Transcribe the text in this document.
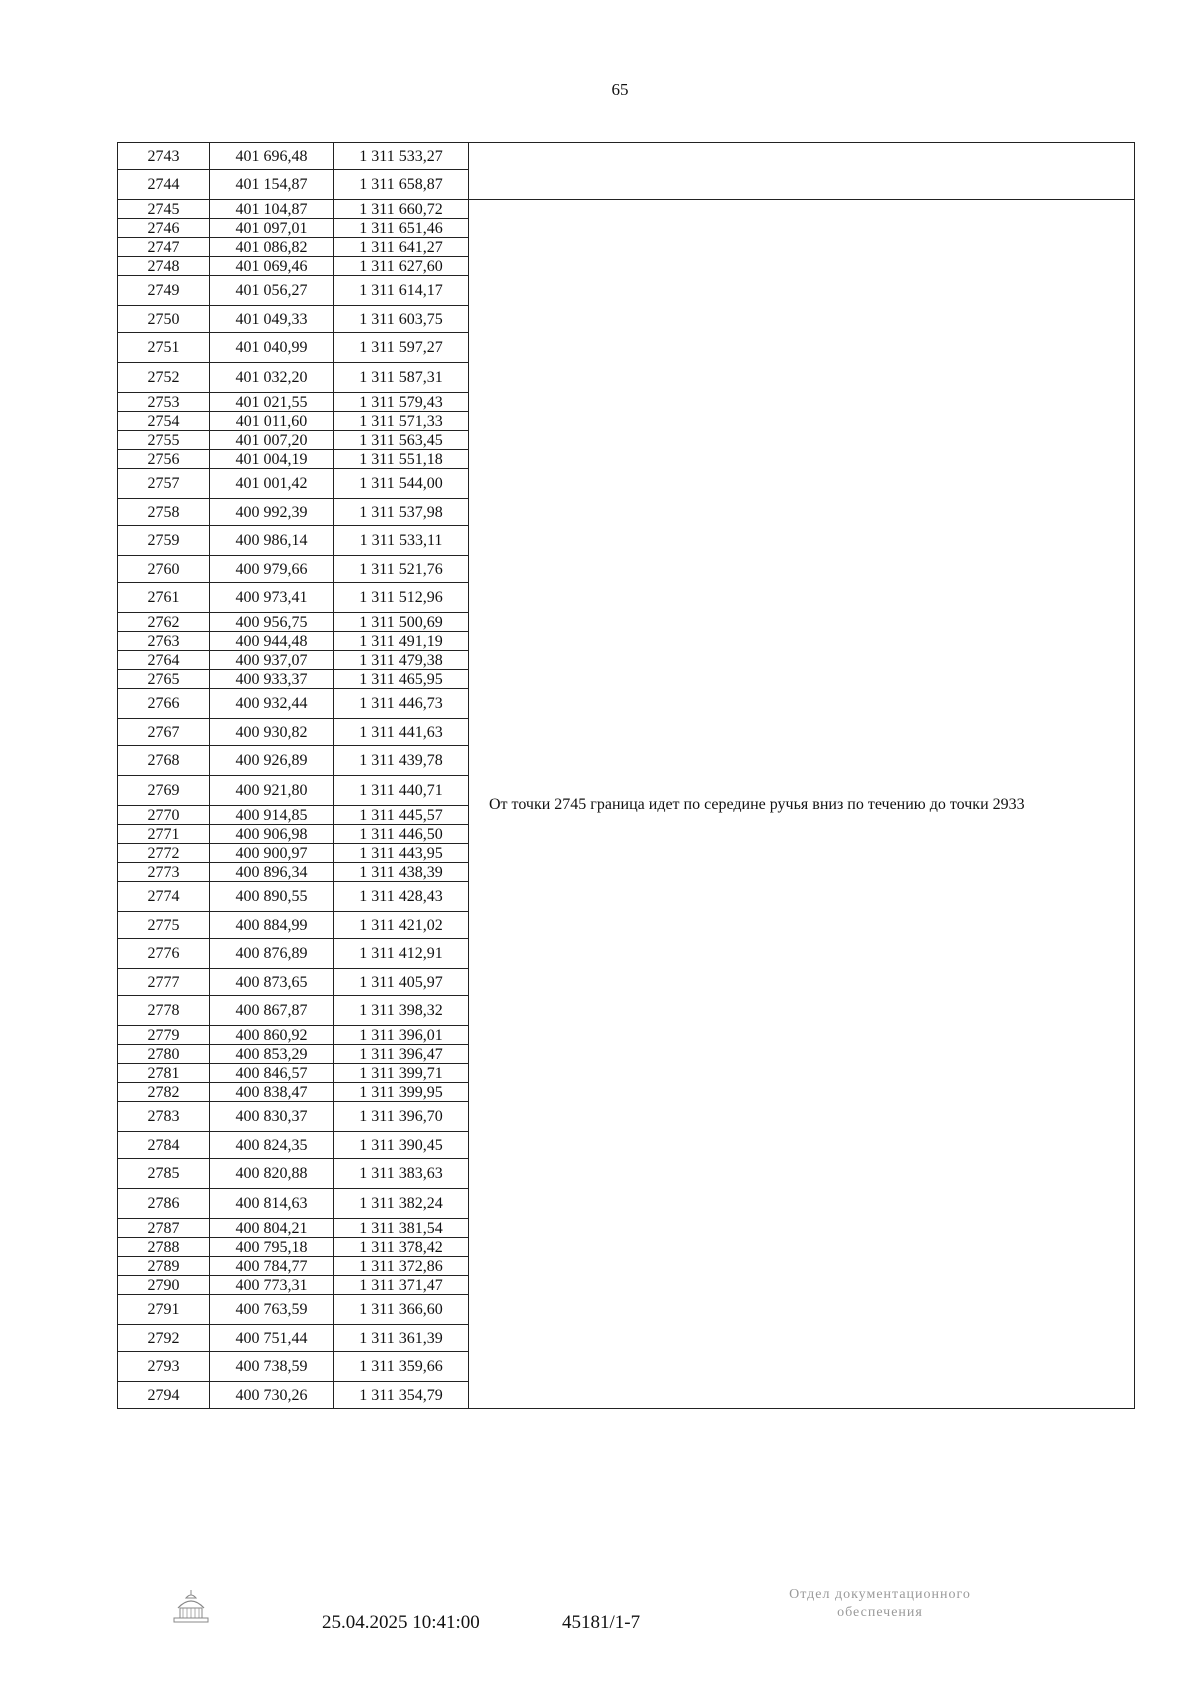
65
2743	401 696,48	1 311 533,27	
2744	401 154,87	1 311 658,87	
2745	401 104,87	1 311 660,72	От точки 2745 граница идет по середине ручья вниз по течению до точки 2933
2746	401 097,01	1 311 651,46	
2747	401 086,82	1 311 641,27	
2748	401 069,46	1 311 627,60	
2749	401 056,27	1 311 614,17	
2750	401 049,33	1 311 603,75	
2751	401 040,99	1 311 597,27	
2752	401 032,20	1 311 587,31	
2753	401 021,55	1 311 579,43	
2754	401 011,60	1 311 571,33	
2755	401 007,20	1 311 563,45	
2756	401 004,19	1 311 551,18	
2757	401 001,42	1 311 544,00	
2758	400 992,39	1 311 537,98	
2759	400 986,14	1 311 533,11	
2760	400 979,66	1 311 521,76	
2761	400 973,41	1 311 512,96	
2762	400 956,75	1 311 500,69	
2763	400 944,48	1 311 491,19	
2764	400 937,07	1 311 479,38	
2765	400 933,37	1 311 465,95	
2766	400 932,44	1 311 446,73	
2767	400 930,82	1 311 441,63	
2768	400 926,89	1 311 439,78	
2769	400 921,80	1 311 440,71	
2770	400 914,85	1 311 445,57	
2771	400 906,98	1 311 446,50	
2772	400 900,97	1 311 443,95	
2773	400 896,34	1 311 438,39	
2774	400 890,55	1 311 428,43	
2775	400 884,99	1 311 421,02	
2776	400 876,89	1 311 412,91	
2777	400 873,65	1 311 405,97	
2778	400 867,87	1 311 398,32	
2779	400 860,92	1 311 396,01	
2780	400 853,29	1 311 396,47	
2781	400 846,57	1 311 399,71	
2782	400 838,47	1 311 399,95	
2783	400 830,37	1 311 396,70	
2784	400 824,35	1 311 390,45	
2785	400 820,88	1 311 383,63	
2786	400 814,63	1 311 382,24	
2787	400 804,21	1 311 381,54	
2788	400 795,18	1 311 378,42	
2789	400 784,77	1 311 372,86	
2790	400 773,31	1 311 371,47	
2791	400 763,59	1 311 366,60	
2792	400 751,44	1 311 361,39	
2793	400 738,59	1 311 359,66	
2794	400 730,26	1 311 354,79	
25.04.2025 10:41:00	45181/1-7
Отдел документационного
обеспечения
